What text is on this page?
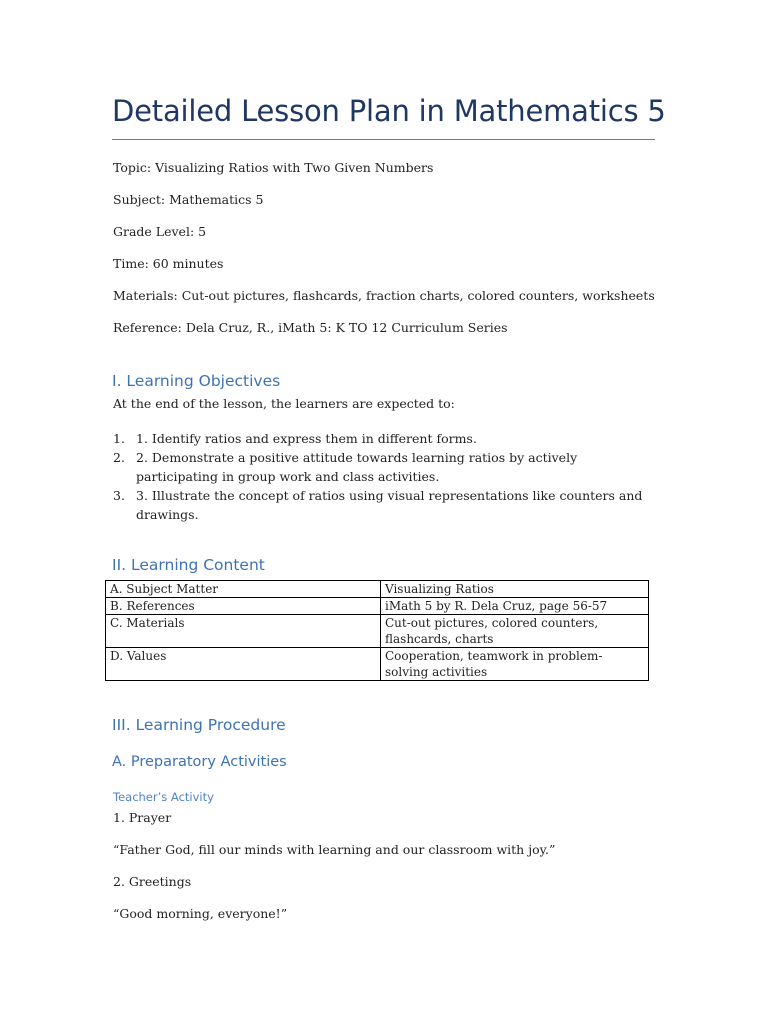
Detailed Lesson Plan in Mathematics 5

Topic: Visualizing Ratios with Two Given Numbers

Subject: Mathematics 5

Grade Level: 5

Time: 60 minutes

Materials: Cut-out pictures, flashcards, fraction charts, colored counters, worksheets

Reference: Dela Cruz, R., iMath 5: K TO 12 Curriculum Series

I. Learning Objectives

At the end of the lesson, the learners are expected to:

1. 1. Identify ratios and express them in different forms.
2. 2. Demonstrate a positive attitude towards learning ratios by actively participating in group work and class activities.
3. 3. Illustrate the concept of ratios using visual representations like counters and drawings.
II. Learning Content
A. Subject Matter	Visualizing Ratios
B. References	iMath 5 by R. Dela Cruz, page 56-57
C. Materials	Cut-out pictures, colored counters, flashcards, charts
D. Values	Cooperation, teamwork in problem-solving activities
III. Learning Procedure
A. Preparatory Activities

Teacher’s Activity

1. Prayer

“Father God, fill our minds with learning and our classroom with joy.”

2. Greetings

“Good morning, everyone!”
